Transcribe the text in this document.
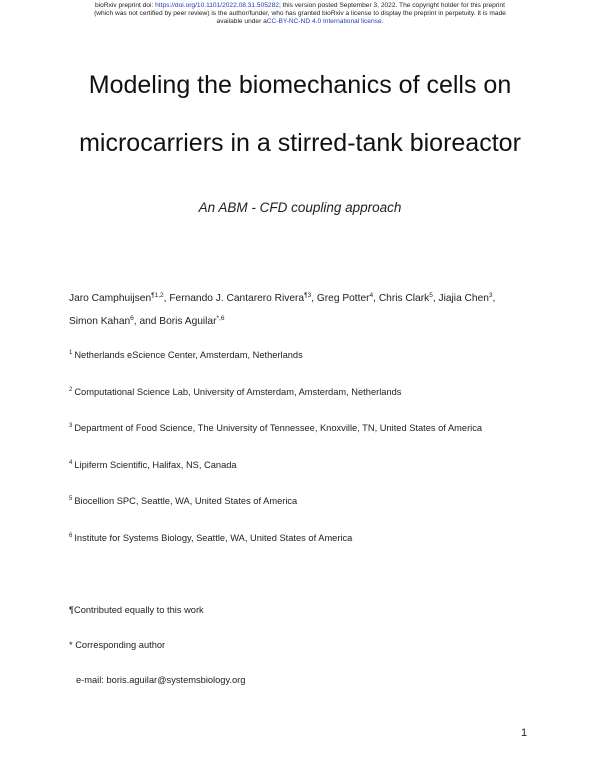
bioRxiv preprint doi: https://doi.org/10.1101/2022.08.31.505282; this version posted September 3, 2022. The copyright holder for this preprint
(which was not certified by peer review) is the author/funder, who has granted bioRxiv a license to display the preprint in perpetuity. It is made
available under aCC-BY-NC-ND 4.0 International license.
Modeling the biomechanics of cells on
microcarriers in a stirred-tank bioreactor
An ABM - CFD coupling approach
Jaro Camphuijsen$^{\P 1,2}$, Fernando J. Cantarero Rivera$^{\P 3}$, Greg Potter$^4$, Chris Clark$^5$, Jiajia Chen$^3$,
Simon Kahan$^6$, and Boris Aguilar$^{*,6}$
$^1$ Netherlands eScience Center, Amsterdam, Netherlands
$^2$ Computational Science Lab, University of Amsterdam, Amsterdam, Netherlands
$^3$ Department of Food Science, The University of Tennessee, Knoxville, TN, United States of America
$^4$ Lipiferm Scientific, Halifax, NS, Canada
$^5$ Biocellion SPC, Seattle, WA, United States of America
$^6$ Institute for Systems Biology, Seattle, WA, United States of America
¶Contributed equally to this work
* Corresponding author
e-mail: boris.aguilar@systemsbiology.org
1
